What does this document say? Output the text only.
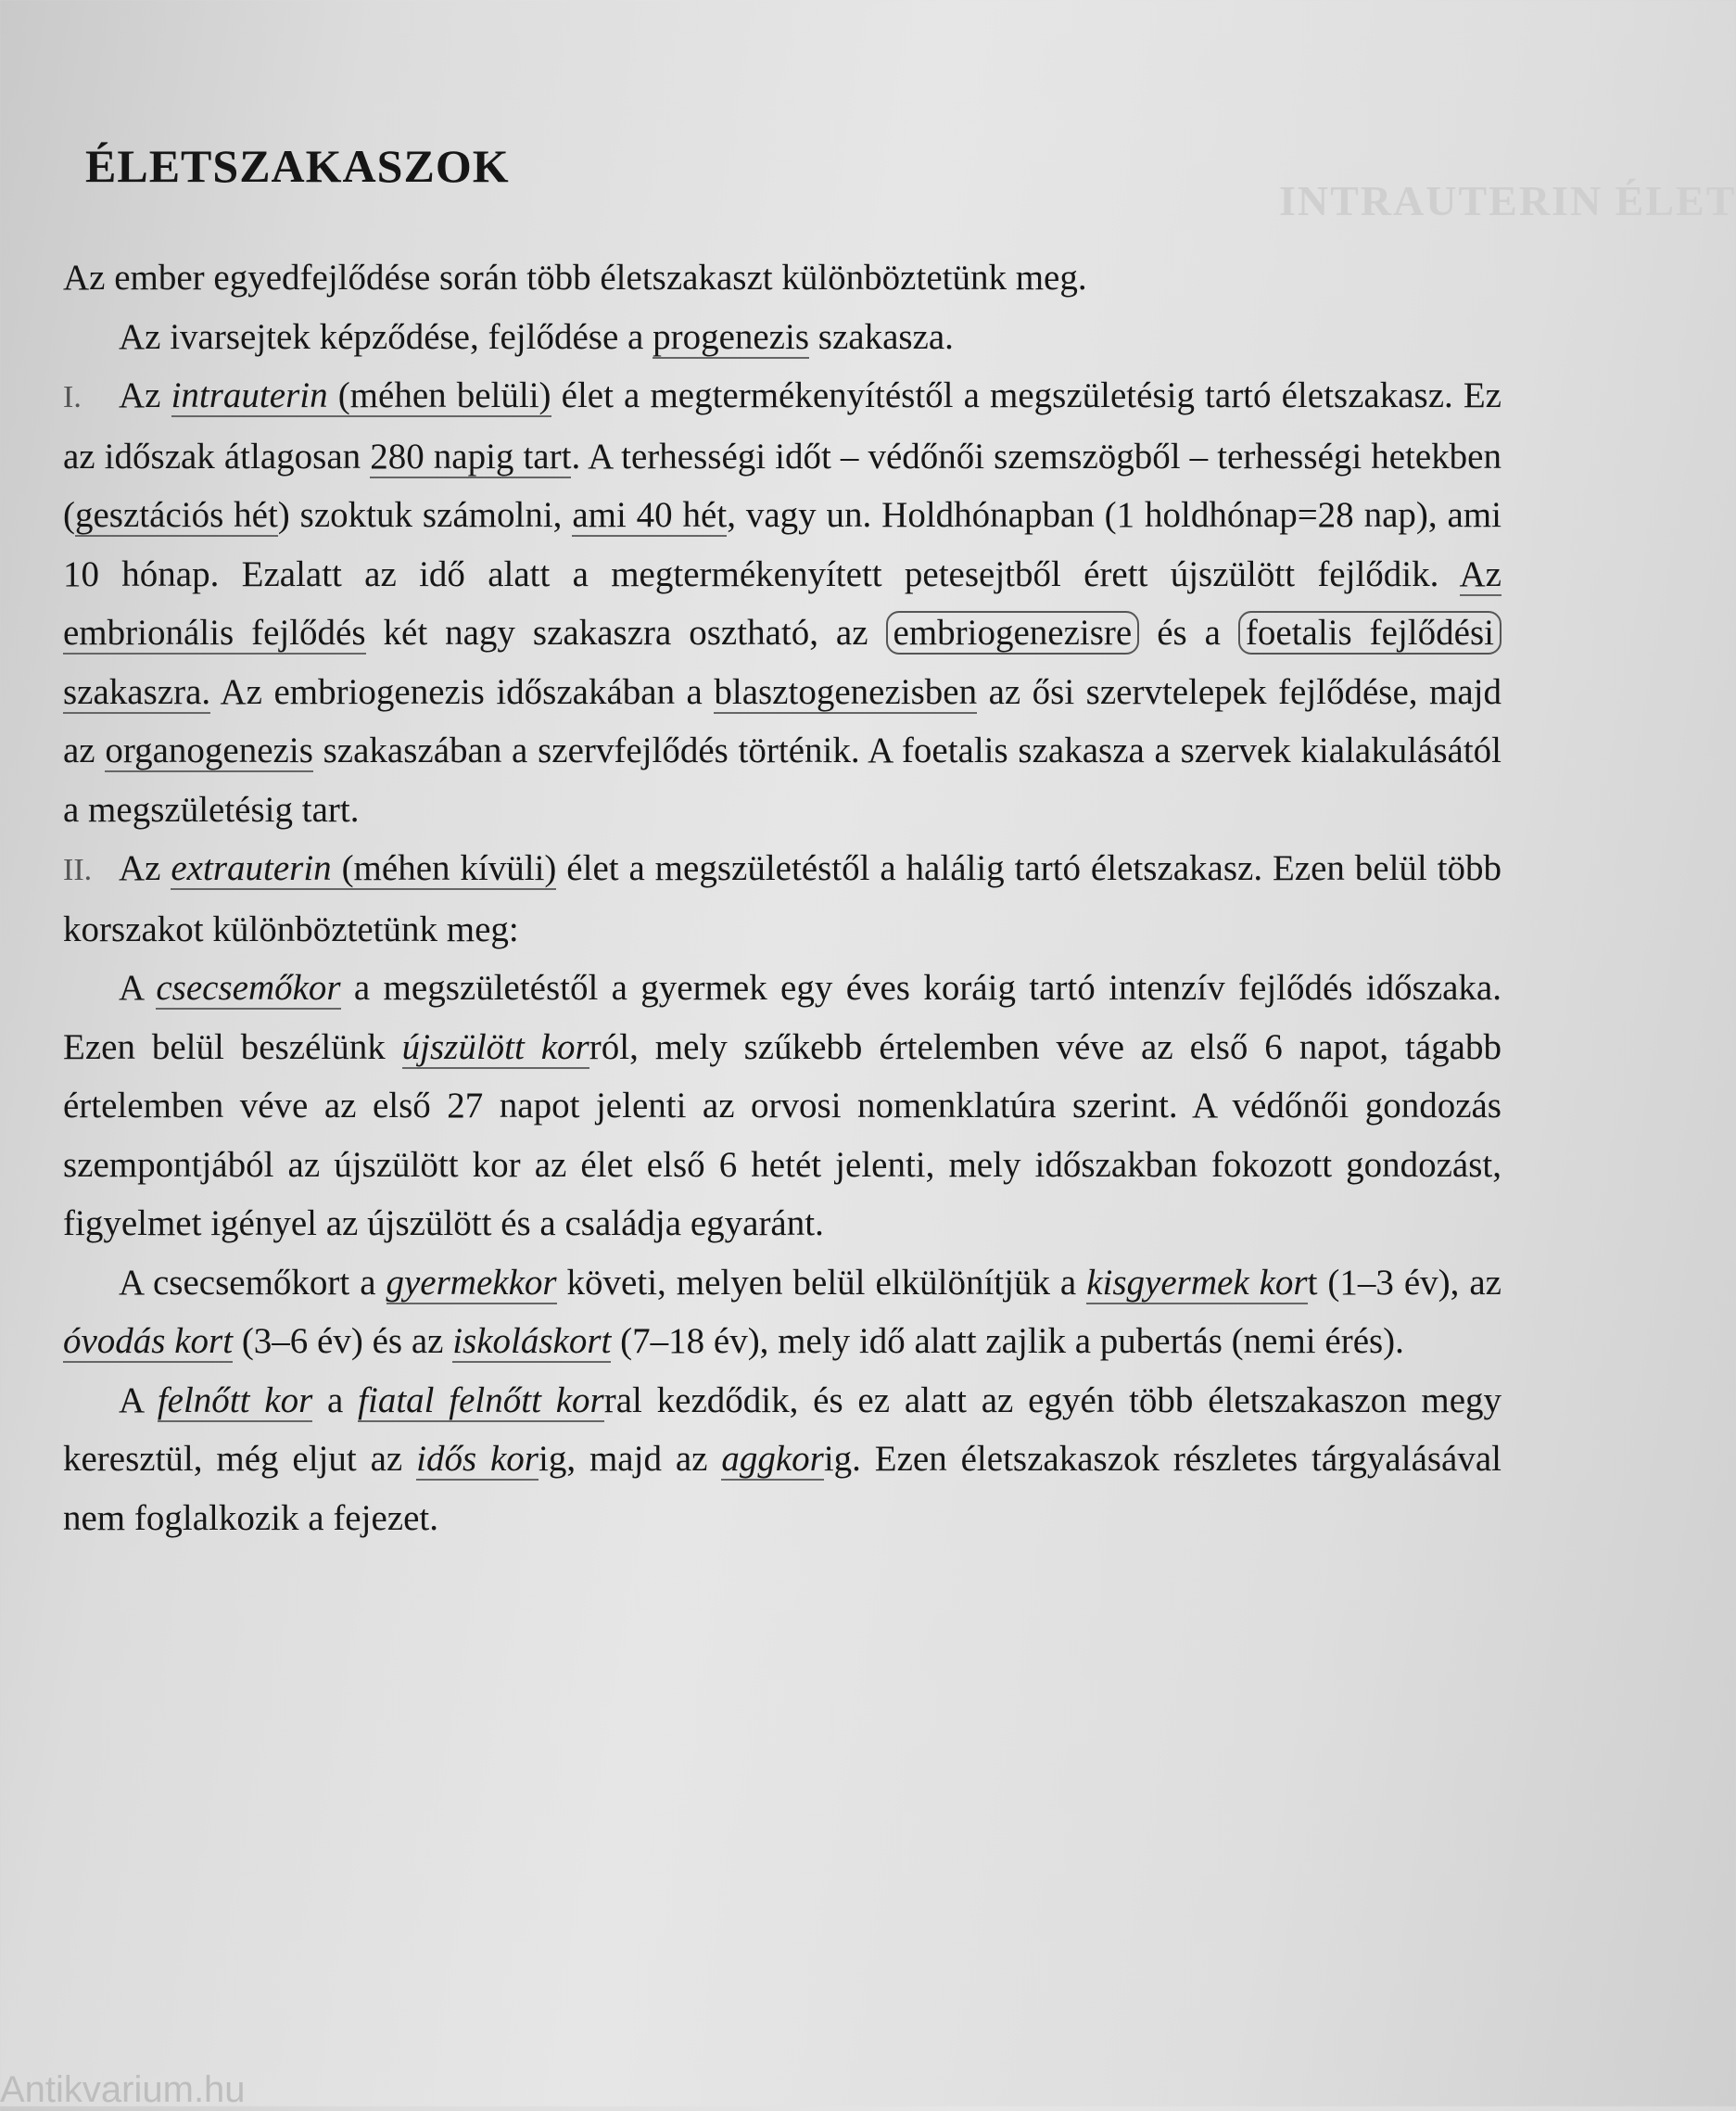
INTRAUTERIN ÉLET
ÉLETSZAKASZOK

Az ember egyedfejlődése során több életszakaszt különböztetünk meg.

Az ivarsejtek képződése, fejlődése a progenezis szakasza.

I. Az intrauterin (méhen belüli) élet a megtermékenyítéstől a megszületésig tartó életszakasz. Ez az időszak átlagosan 280 napig tart. A terhességi időt – védőnői szemszögből – terhességi hetekben (gesztációs hét) szoktuk számolni, ami 40 hét, vagy un. Holdhónapban (1 holdhónap=28 nap), ami 10 hónap. Ezalatt az idő alatt a megtermékenyített petesejtből érett újszülött fejlődik. Az embrionális fejlődés két nagy szakaszra osztható, az embriogenezisre és a foetalis fejlődési szakaszra. Az embriogenezis időszakában a blasztogenezisben az ősi szervtelepek fejlődése, majd az organogenezis szakaszában a szervfejlődés történik. A foetalis szakasza a szervek kialakulásától a megszületésig tart.

II. Az extrauterin (méhen kívüli) élet a megszületéstől a halálig tartó életszakasz. Ezen belül több korszakot különböztetünk meg:

A csecsemőkor a megszületéstől a gyermek egy éves koráig tartó intenzív fejlődés időszaka. Ezen belül beszélünk újszülött korról, mely szűkebb értelemben véve az első 6 napot, tágabb értelemben véve az első 27 napot jelenti az orvosi nomenklatúra szerint. A védőnői gondozás szempontjából az újszülött kor az élet első 6 hetét jelenti, mely időszakban fokozott gondozást, figyelmet igényel az újszülött és a családja egyaránt.

A csecsemőkort a gyermekkor követi, melyen belül elkülönítjük a kisgyermek kort (1–3 év), az óvodás kort (3–6 év) és az iskoláskort (7–18 év), mely idő alatt zajlik a pubertás (nemi érés).

A felnőtt kor a fiatal felnőtt korral kezdődik, és ez alatt az egyén több életszakaszon megy keresztül, még eljut az idős korig, majd az aggkorig. Ezen életszakaszok részletes tárgyalásával nem foglalkozik a fejezet.

Antikvarium.hu
